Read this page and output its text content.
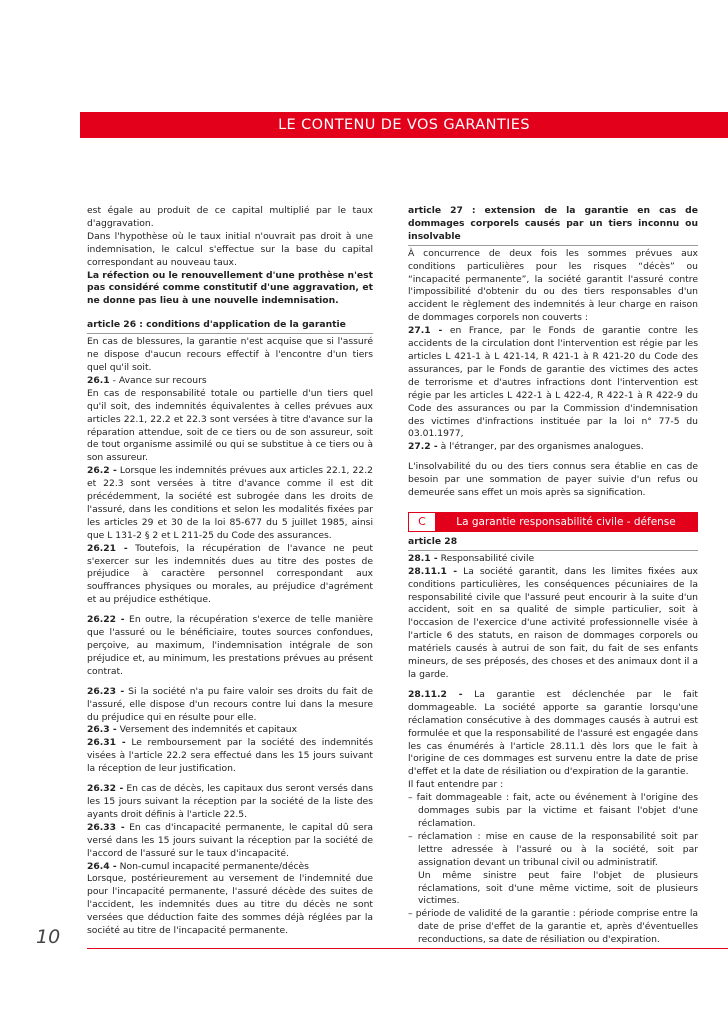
LE CONTENU DE VOS GARANTIES

est égale au produit de ce capital multiplié par le taux d'aggravation.

Dans l'hypothèse où le taux initial n'ouvrait pas droit à une indemnisation, le calcul s'effectue sur la base du capital correspondant au nouveau taux.

La réfection ou le renouvellement d'une prothèse n'est pas considéré comme constitutif d'une aggravation, et ne donne pas lieu à une nouvelle indemnisation.

article 26 : conditions d'application de la garantie

En cas de blessures, la garantie n'est acquise que si l'assuré ne dispose d'aucun recours effectif à l'encontre d'un tiers quel qu'il soit.

26.1 - Avance sur recours

En cas de responsabilité totale ou partielle d'un tiers quel qu'il soit, des indemnités équivalentes à celles prévues aux articles 22.1, 22.2 et 22.3 sont versées à titre d'avance sur la réparation attendue, soit de ce tiers ou de son assureur, soit de tout organisme assimilé ou qui se substitue à ce tiers ou à son assureur.

26.2 - Lorsque les indemnités prévues aux articles 22.1, 22.2 et 22.3 sont versées à titre d'avance comme il est dit précédemment, la société est subrogée dans les droits de l'assuré, dans les conditions et selon les modalités fixées par les articles 29 et 30 de la loi 85-677 du 5 juillet 1985, ainsi que L 131-2 § 2 et L 211-25 du Code des assurances.

26.21 - Toutefois, la récupération de l'avance ne peut s'exercer sur les indemnités dues au titre des postes de préjudice à caractère personnel correspondant aux souffrances physiques ou morales, au préjudice d'agrément et au préjudice esthétique.

26.22 - En outre, la récupération s'exerce de telle manière que l'assuré ou le bénéficiaire, toutes sources confondues, perçoive, au maximum, l'indemnisation intégrale de son préjudice et, au minimum, les prestations prévues au présent contrat.

26.23 - Si la société n'a pu faire valoir ses droits du fait de l'assuré, elle dispose d'un recours contre lui dans la mesure du préjudice qui en résulte pour elle.

26.3 - Versement des indemnités et capitaux

26.31 - Le remboursement par la société des indemnités visées à l'article 22.2 sera effectué dans les 15 jours suivant la réception de leur justification.

26.32 - En cas de décès, les capitaux dus seront versés dans les 15 jours suivant la réception par la société de la liste des ayants droit définis à l'article 22.5.

26.33 - En cas d'incapacité permanente, le capital dû sera versé dans les 15 jours suivant la réception par la société de l'accord de l'assuré sur le taux d'incapacité.

26.4 - Non-cumul incapacité permanente/décès

Lorsque, postérieurement au versement de l'indemnité due pour l'incapacité permanente, l'assuré décède des suites de l'accident, les indemnités dues au titre du décès ne sont versées que déduction faite des sommes déjà réglées par la société au titre de l'incapacité permanente.

article 27 : extension de la garantie en cas de dommages corporels causés par un tiers inconnu ou insolvable

À concurrence de deux fois les sommes prévues aux conditions particulières pour les risques “décès” ou “incapacité permanente”, la société garantit l'assuré contre l'impossibilité d'obtenir du ou des tiers responsables d'un accident le règlement des indemnités à leur charge en raison de dommages corporels non couverts :

27.1 - en France, par le Fonds de garantie contre les accidents de la circulation dont l'intervention est régie par les articles L 421-1 à L 421-14, R 421-1 à R 421-20 du Code des assurances, par le Fonds de garantie des victimes des actes de terrorisme et d'autres infractions dont l'intervention est régie par les articles L 422-1 à L 422-4, R 422-1 à R 422-9 du Code des assurances ou par la Commission d'indemnisation des victimes d'infractions instituée par la loi n° 77-5 du 03.01.1977,

27.2 - à l'étranger, par des organismes analogues.

L'insolvabilité du ou des tiers connus sera établie en cas de besoin par une sommation de payer suivie d'un refus ou demeurée sans effet un mois après sa signification.

C	La garantie responsabilité civile - défense

article 28

28.1 - Responsabilité civile

28.11.1 - La société garantit, dans les limites fixées aux conditions particulières, les conséquences pécuniaires de la responsabilité civile que l'assuré peut encourir à la suite d'un accident, soit en sa qualité de simple particulier, soit à l'occasion de l'exercice d'une activité professionnelle visée à l'article 6 des statuts, en raison de dommages corporels ou matériels causés à autrui de son fait, du fait de ses enfants mineurs, de ses préposés, des choses et des animaux dont il a la garde.

28.11.2 - La garantie est déclenchée par le fait dommageable. La société apporte sa garantie lorsqu'une réclamation consécutive à des dommages causés à autrui est formulée et que la responsabilité de l'assuré est engagée dans les cas énumérés à l'article 28.11.1 dès lors que le fait à l'origine de ces dommages est survenu entre la date de prise d'effet et la date de résiliation ou d'expiration de la garantie.

Il faut entendre par :

– fait dommageable : fait, acte ou événement à l'origine des dommages subis par la victime et faisant l'objet d'une réclamation.

– réclamation : mise en cause de la responsabilité soit par lettre adressée à l'assuré ou à la société, soit par assignation devant un tribunal civil ou administratif.

Un même sinistre peut faire l'objet de plusieurs réclamations, soit d'une même victime, soit de plusieurs victimes.

– période de validité de la garantie : période comprise entre la date de prise d'effet de la garantie et, après d'éventuelles reconductions, sa date de résiliation ou d'expiration.

10
